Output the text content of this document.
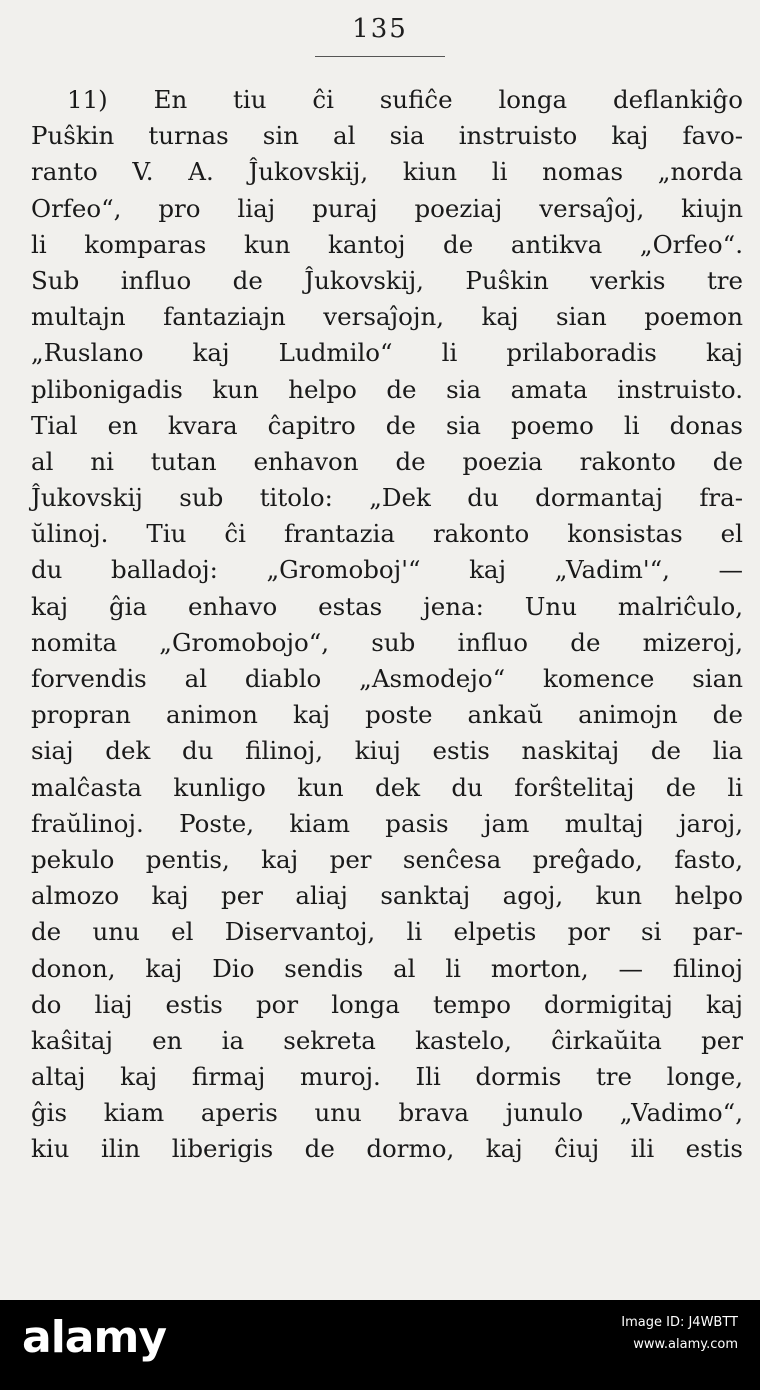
135
11) En tiu ĉi sufiĉe longa deflankiĝo
Puŝkin turnas sin al sia instruisto kaj favo-
ranto V. A. Ĵukovskij, kiun li nomas „norda
Orfeo“, pro liaj puraj poeziaj versaĵoj, kiujn
li komparas kun kantoj de antikva „Orfeo“.
Sub influo de Ĵukovskij, Puŝkin verkis tre
multajn fantaziajn versaĵojn, kaj sian poemon
„Ruslano kaj Ludmilo“ li prilaboradis kaj
plibonigadis kun helpo de sia amata instruisto.
Tial en kvara ĉapitro de sia poemo li donas
al ni tutan enhavon de poezia rakonto de
Ĵukovskij sub titolo: „Dek du dormantaj fra-
ŭlinoj. Tiu ĉi frantazia rakonto konsistas el
du balladoj: „Gromoboj'“ kaj „Vadim'“, —
kaj ĝia enhavo estas jena: Unu malriĉulo,
nomita „Gromobojo“, sub influo de mizeroj,
forvendis al diablo „Asmodejo“ komence sian
propran animon kaj poste ankaŭ animojn de
siaj dek du filinoj, kiuj estis naskitaj de lia
malĉasta kunligo kun dek du forŝtelitaj de li
fraŭlinoj. Poste, kiam pasis jam multaj jaroj,
pekulo pentis, kaj per senĉesa preĝado, fasto,
almozo kaj per aliaj sanktaj agoj, kun helpo
de unu el Diservantoj, li elpetis por si par-
donon, kaj Dio sendis al li morton, — filinoj
do liaj estis por longa tempo dormigitaj kaj
kaŝitaj en ia sekreta kastelo, ĉirkaŭita per
altaj kaj firmaj muroj. Ili dormis tre longe,
ĝis kiam aperis unu brava junulo „Vadimo“,
kiu ilin liberigis de dormo, kaj ĉiuj ili estis
alamy	Image ID: J4WBTT
www.alamy.com
